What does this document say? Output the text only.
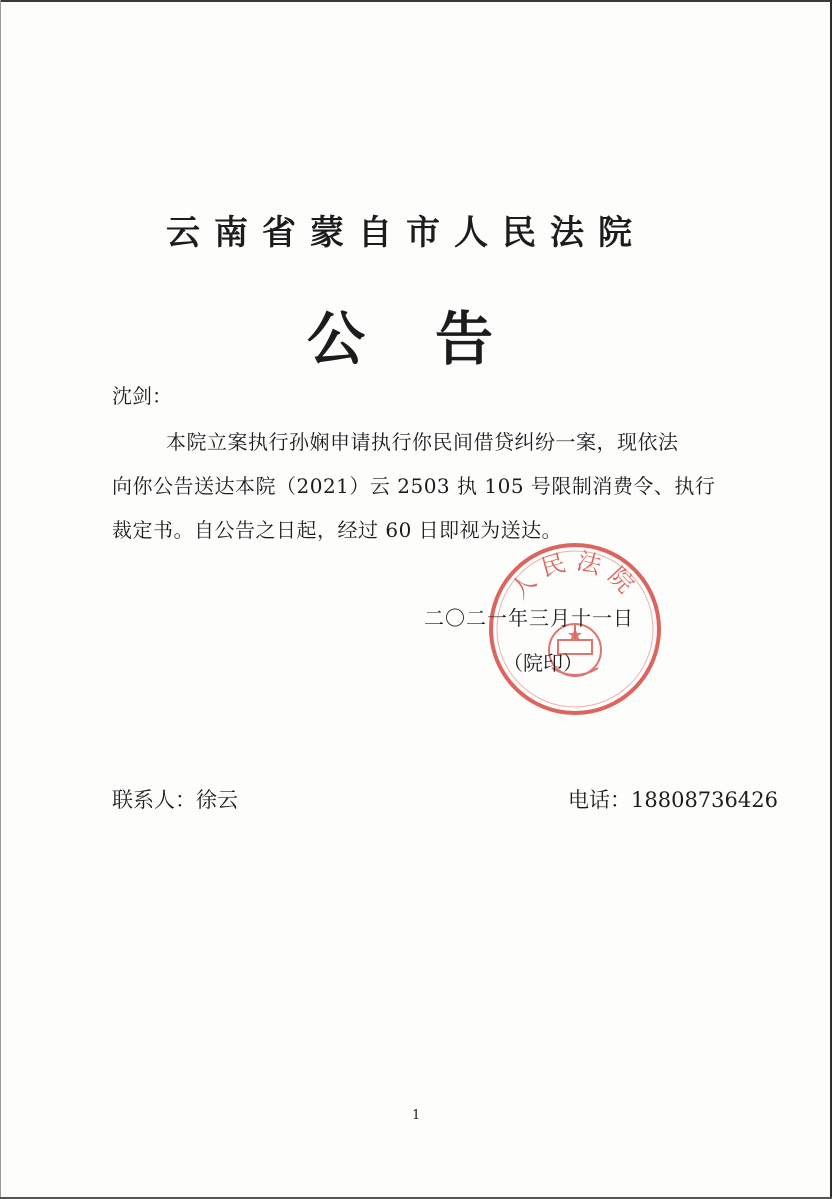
云南省蒙自市人民法院
公告
沈剑：
本院立案执行孙娴申请执行你民间借贷纠纷一案，现依法
向你公告送达本院（2021）云 2503 执 105 号限制消费令、执行
裁定书。自公告之日起，经过 60 日即视为送达。
人民法院
二〇二一年三月十一日
（院印）
联系人：徐云	电话：18808736426
1
